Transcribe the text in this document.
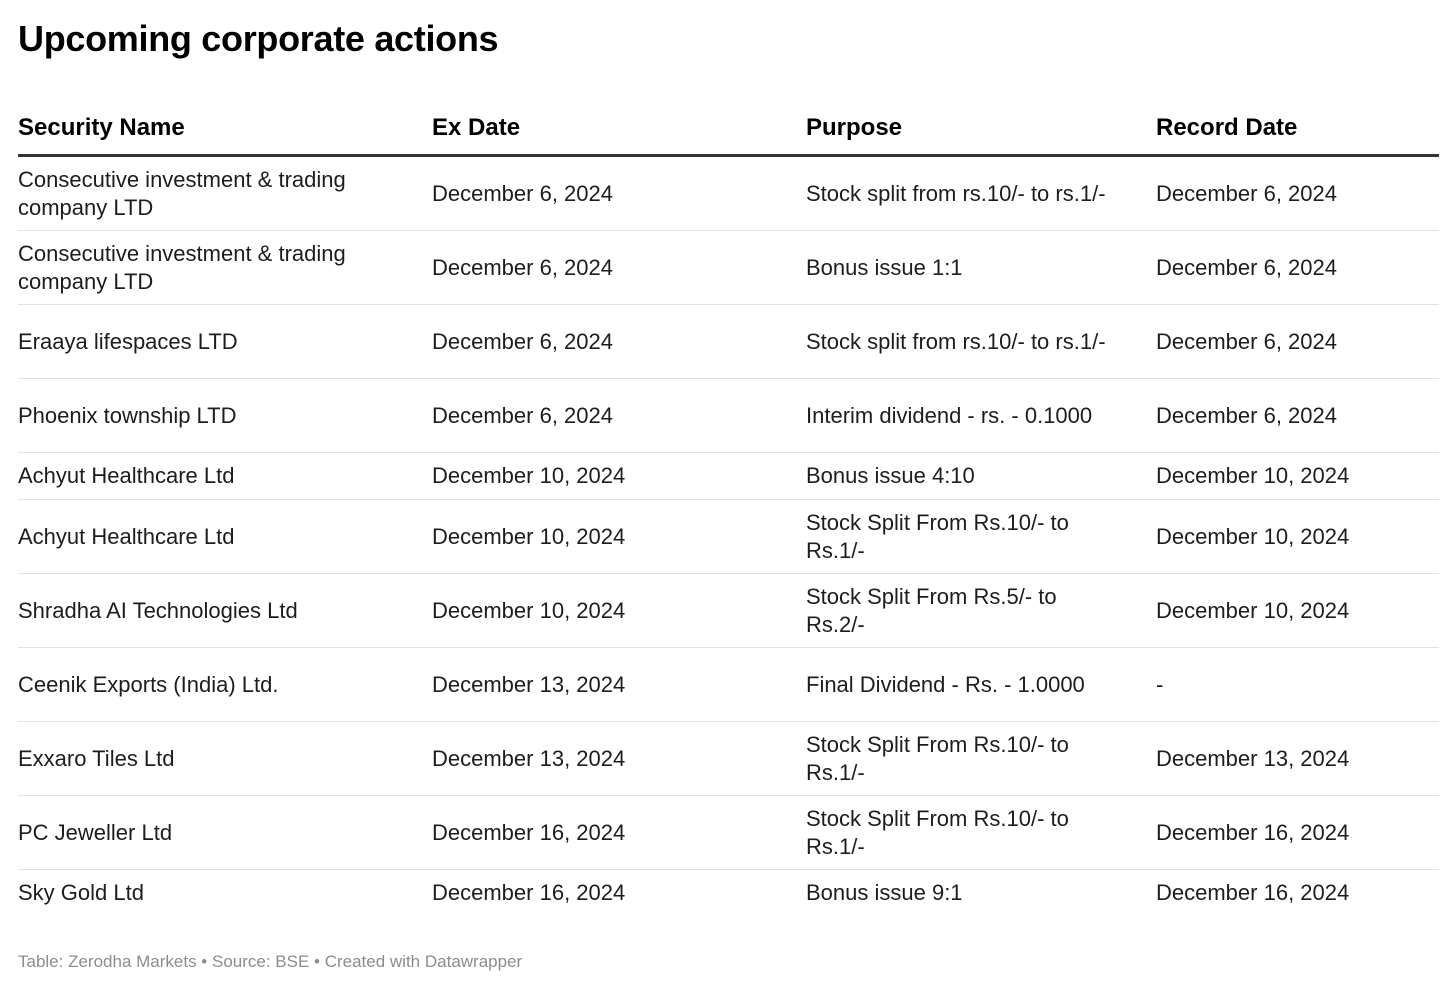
Upcoming corporate actions
Security Name	Ex Date	Purpose	Record Date

Consecutive investment & trading company LTD	December 6, 2024	Stock split from rs.10/- to rs.1/-	December 6, 2024

Consecutive investment & trading company LTD	December 6, 2024	Bonus issue 1:1	December 6, 2024

Eraaya lifespaces LTD	December 6, 2024	Stock split from rs.10/- to rs.1/-	December 6, 2024

Phoenix township LTD	December 6, 2024	Interim dividend - rs. - 0.1000	December 6, 2024

Achyut Healthcare Ltd	December 10, 2024	Bonus issue 4:10	December 10, 2024

Achyut Healthcare Ltd	December 10, 2024	Stock Split From Rs.10/- to Rs.1/-	December 10, 2024

Shradha AI Technologies Ltd	December 10, 2024	Stock Split From Rs.5/- to Rs.2/-	December 10, 2024

Ceenik Exports (India) Ltd.	December 13, 2024	Final Dividend - Rs. - 1.0000	-

Exxaro Tiles Ltd	December 13, 2024	Stock Split From Rs.10/- to Rs.1/-	December 13, 2024

PC Jeweller Ltd	December 16, 2024	Stock Split From Rs.10/- to Rs.1/-	December 16, 2024

Sky Gold Ltd	December 16, 2024	Bonus issue 9:1	December 16, 2024
Table: Zerodha Markets • Source: BSE • Created with Datawrapper
